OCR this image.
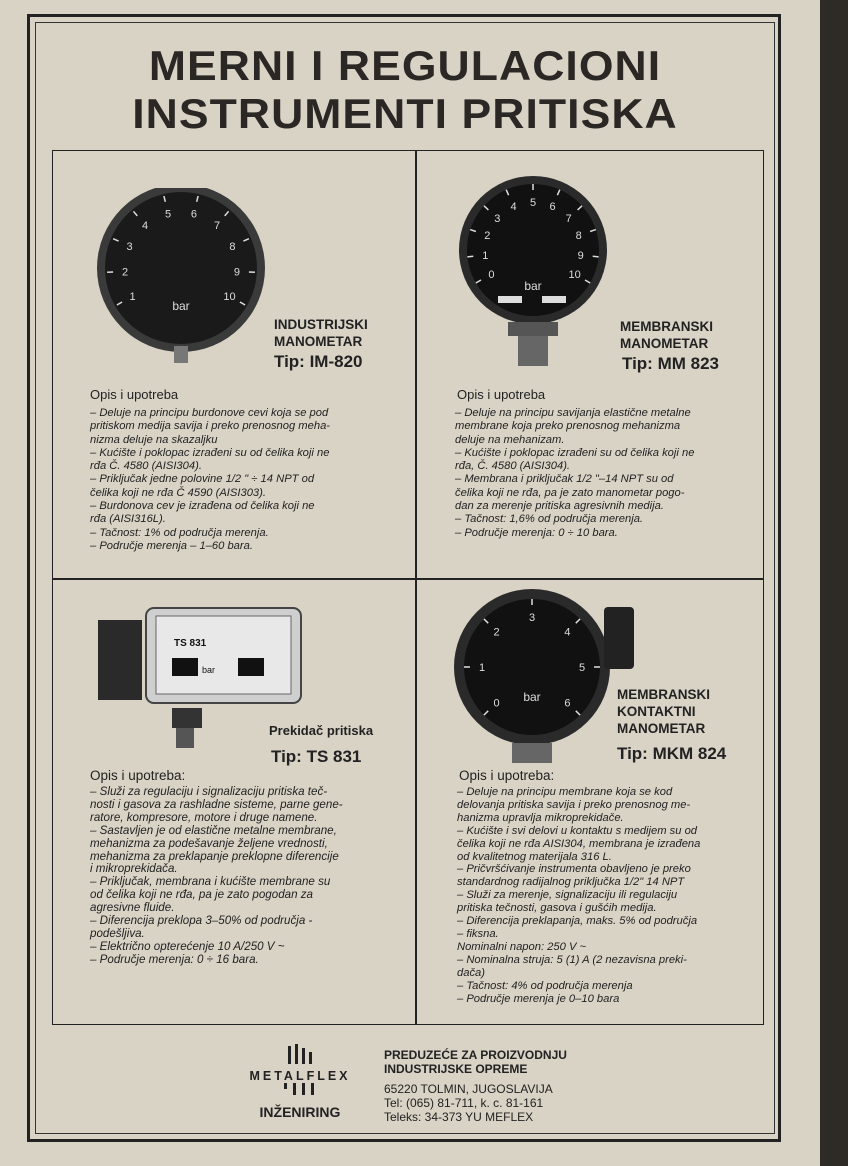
MERNI I REGULACIONI
INSTRUMENTI PRITISKA
1
2
3
4
5 6
7
8
9
10
bar
INDUSTRIJSKI
MANOMETAR
Tip: IM-820
Opis i upotreba
– Deluje na principu burdonove cevi koja se pod
pritiskom medija savija i preko prenosnog meha-
nizma deluje na skazaljku
– Kućište i poklopac izrađeni su od čelika koji ne
rđa Č. 4580 (AISI304).
– Priključak jedne polovine 1/2 " ÷ 14 NPT od
čelika koji ne rđa Č 4590 (AISI303).
– Burdonova cev je izrađena od čelika koji ne
rđa (AISI316L).
– Tačnost: 1% od područja merenja.
– Područje merenja – 1–60 bara.
0
1
2
3
4 5 6
7
8
9
10
bar
MEMBRANSKI
MANOMETAR
Tip: MM 823
Opis i upotreba
– Deluje na principu savijanja elastične metalne
membrane koja preko prenosnog mehanizma
deluje na mehanizam.
– Kućište i poklopac izrađeni su od čelika koji ne
rđa, Č. 4580 (AISI304).
– Membrana i priključak 1/2 "–14 NPT su od
čelika koji ne rđa, pa je zato manometar pogo-
dan za merenje pritiska agresivnih medija.
– Tačnost: 1,6% od područja merenja.
– Područje merenja: 0 ÷ 10 bara.
TS 831
bar
Prekidač pritiska
Tip: TS 831
Opis i upotreba:
– Služi za regulaciju i signalizaciju pritiska teč-
nosti i gasova za rashladne sisteme, parne gene-
ratore, kompresore, motore i druge namene.
– Sastavljen je od elastične metalne membrane,
mehanizma za podešavanje željene vrednosti,
mehanizma za preklapanje preklopne diferencije
i mikroprekidača.
– Priključak, membrana i kućište membrane su
od čelika koji ne rđa, pa je zato pogodan za
agresivne fluide.
– Diferencija preklopa 3–50% od područja -
podešljiva.
– Električno opterećenje 10 A/250 V ~
– Područje merenja: 0 ÷ 16 bara.
0
1
2
3
4
5
6
bar	MEMBRANSKI
KONTAKTNI
MANOMETAR
Tip: MKM 824
Opis i upotreba:
– Deluje na principu membrane koja se kod
delovanja pritiska savija i preko prenosnog me-
hanizma upravlja mikroprekidače.
– Kućište i svi delovi u kontaktu s medijem su od
čelika koji ne rđa AISI304, membrana je izrađena
od kvalitetnog materijala 316 L.
– Pričvršćivanje instrumenta obavljeno je preko
standardnog radijalnog priključka 1/2" 14 NPT
– Služi za merenje, signalizaciju ili regulaciju
pritiska tečnosti, gasova i gušćih medija.
– Diferencija preklapanja, maks. 5% od područja
– fiksna.
Nominalni napon: 250 V ~
– Nominalna struja: 5 (1) A (2 nezavisna preki-
dača)
– Tačnost: 4% od područja merenja
– Područje merenja je 0–10 bara
METALFLEX
INŽENIRING
PREDUZEĆE ZA PROIZVODNJU
INDUSTRIJSKE OPREME
65220 TOLMIN, JUGOSLAVIJA
Tel: (065) 81-711, k. c. 81-161
Teleks: 34-373 YU MEFLEX
